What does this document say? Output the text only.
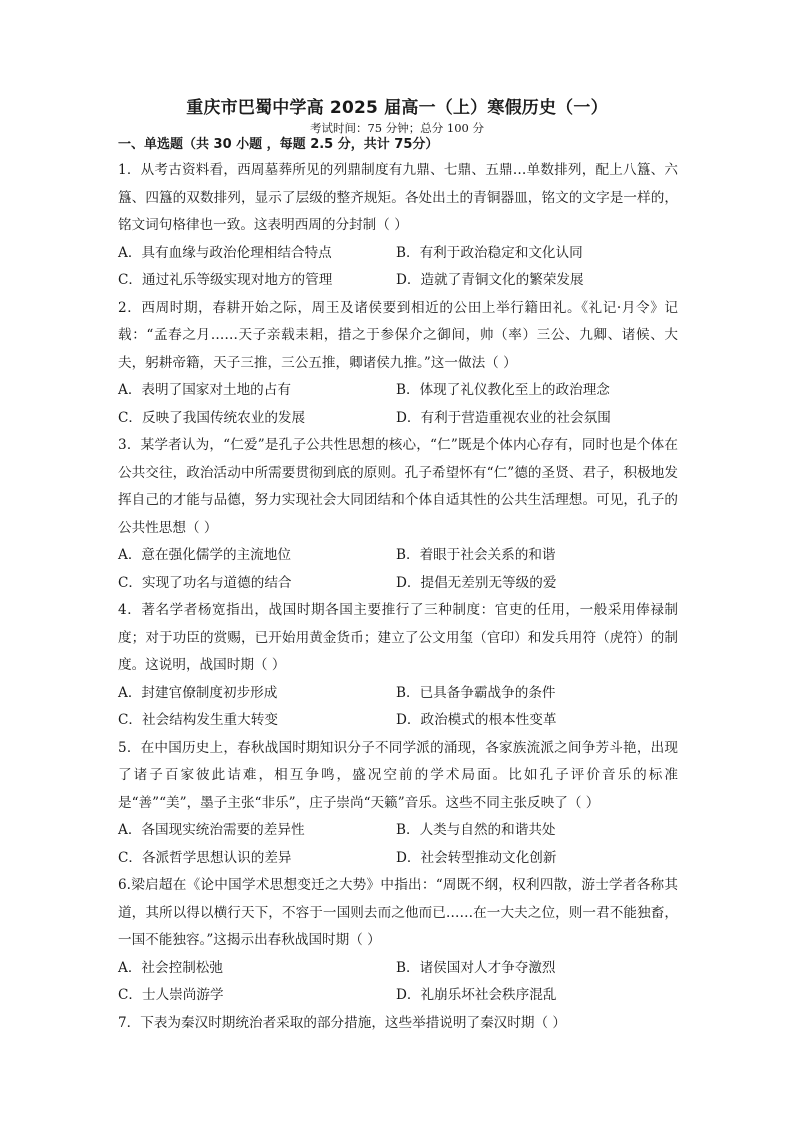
重庆市巴蜀中学高 2025 届高一（上）寒假历史（一）
考试时间：75 分钟；总分 100 分
一、单选题（共 30 小题 ，每题 2.5 分，共计 75分）
1．从考古资料看，西周墓葬所见的列鼎制度有九鼎、七鼎、五鼎…单数排列，配上八簋、六簋、四簋的双数排列，显示了层级的整齐规矩。各处出土的青铜器皿，铭文的文字是一样的，铭文词句格律也一致。这表明西周的分封制（ ）
A．具有血缘与政治伦理相结合特点	B．有利于政治稳定和文化认同
C．通过礼乐等级实现对地方的管理	D．造就了青铜文化的繁荣发展
2．西周时期，春耕开始之际，周王及诸侯要到相近的公田上举行籍田礼。《礼记·月令》记载：“孟春之月……天子亲载耒耜，措之于参保介之御间，帅（率）三公、九卿、诸候、大夫，躬耕帝籍，天子三推，三公五推，卿诸侯九推。”这一做法（ ）
A．表明了国家对土地的占有	B．体现了礼仪教化至上的政治理念
C．反映了我国传统农业的发展	D．有利于营造重视农业的社会氛围
3．某学者认为，“仁爱”是孔子公共性思想的核心，“仁”既是个体内心存有，同时也是个体在公共交往，政治活动中所需要贯彻到底的原则。孔子希望怀有“仁”德的圣贤、君子，积极地发挥自己的才能与品德，努力实现社会大同团结和个体自适其性的公共生活理想。可见，孔子的公共性思想（ ）
A．意在强化儒学的主流地位	B．着眼于社会关系的和谐
C．实现了功名与道德的结合	D．提倡无差别无等级的爱
4．著名学者杨宽指出，战国时期各国主要推行了三种制度：官吏的任用，一般采用俸禄制度；对于功臣的赏赐，已开始用黄金货币；建立了公文用玺（官印）和发兵用符（虎符）的制度。这说明，战国时期（ ）
A．封建官僚制度初步形成	B．已具备争霸战争的条件
C．社会结构发生重大转变	D．政治模式的根本性变革
5．在中国历史上，春秋战国时期知识分子不同学派的涌现，各家族流派之间争芳斗艳，出现了诸子百家彼此诘难，相互争鸣，盛况空前的学术局面。比如孔子评价音乐的标准是“善”“美”，墨子主张“非乐”，庄子崇尚“天籁”音乐。这些不同主张反映了（ ）
A．各国现实统治需要的差异性	B．人类与自然的和谐共处
C．各派哲学思想认识的差异	D．社会转型推动文化创新
6.梁启超在《论中国学术思想变迁之大势》中指出：“周既不纲，权利四散，游士学者各称其道，其所以得以横行天下，不容于一国则去而之他而已……在一大夫之位，则一君不能独畜，一国不能独容。”这揭示出春秋战国时期（ ）
A．社会控制松弛	B．诸侯国对人才争夺激烈
C．士人崇尚游学	D．礼崩乐坏社会秩序混乱
7．下表为秦汉时期统治者采取的部分措施，这些举措说明了秦汉时期（ ）
